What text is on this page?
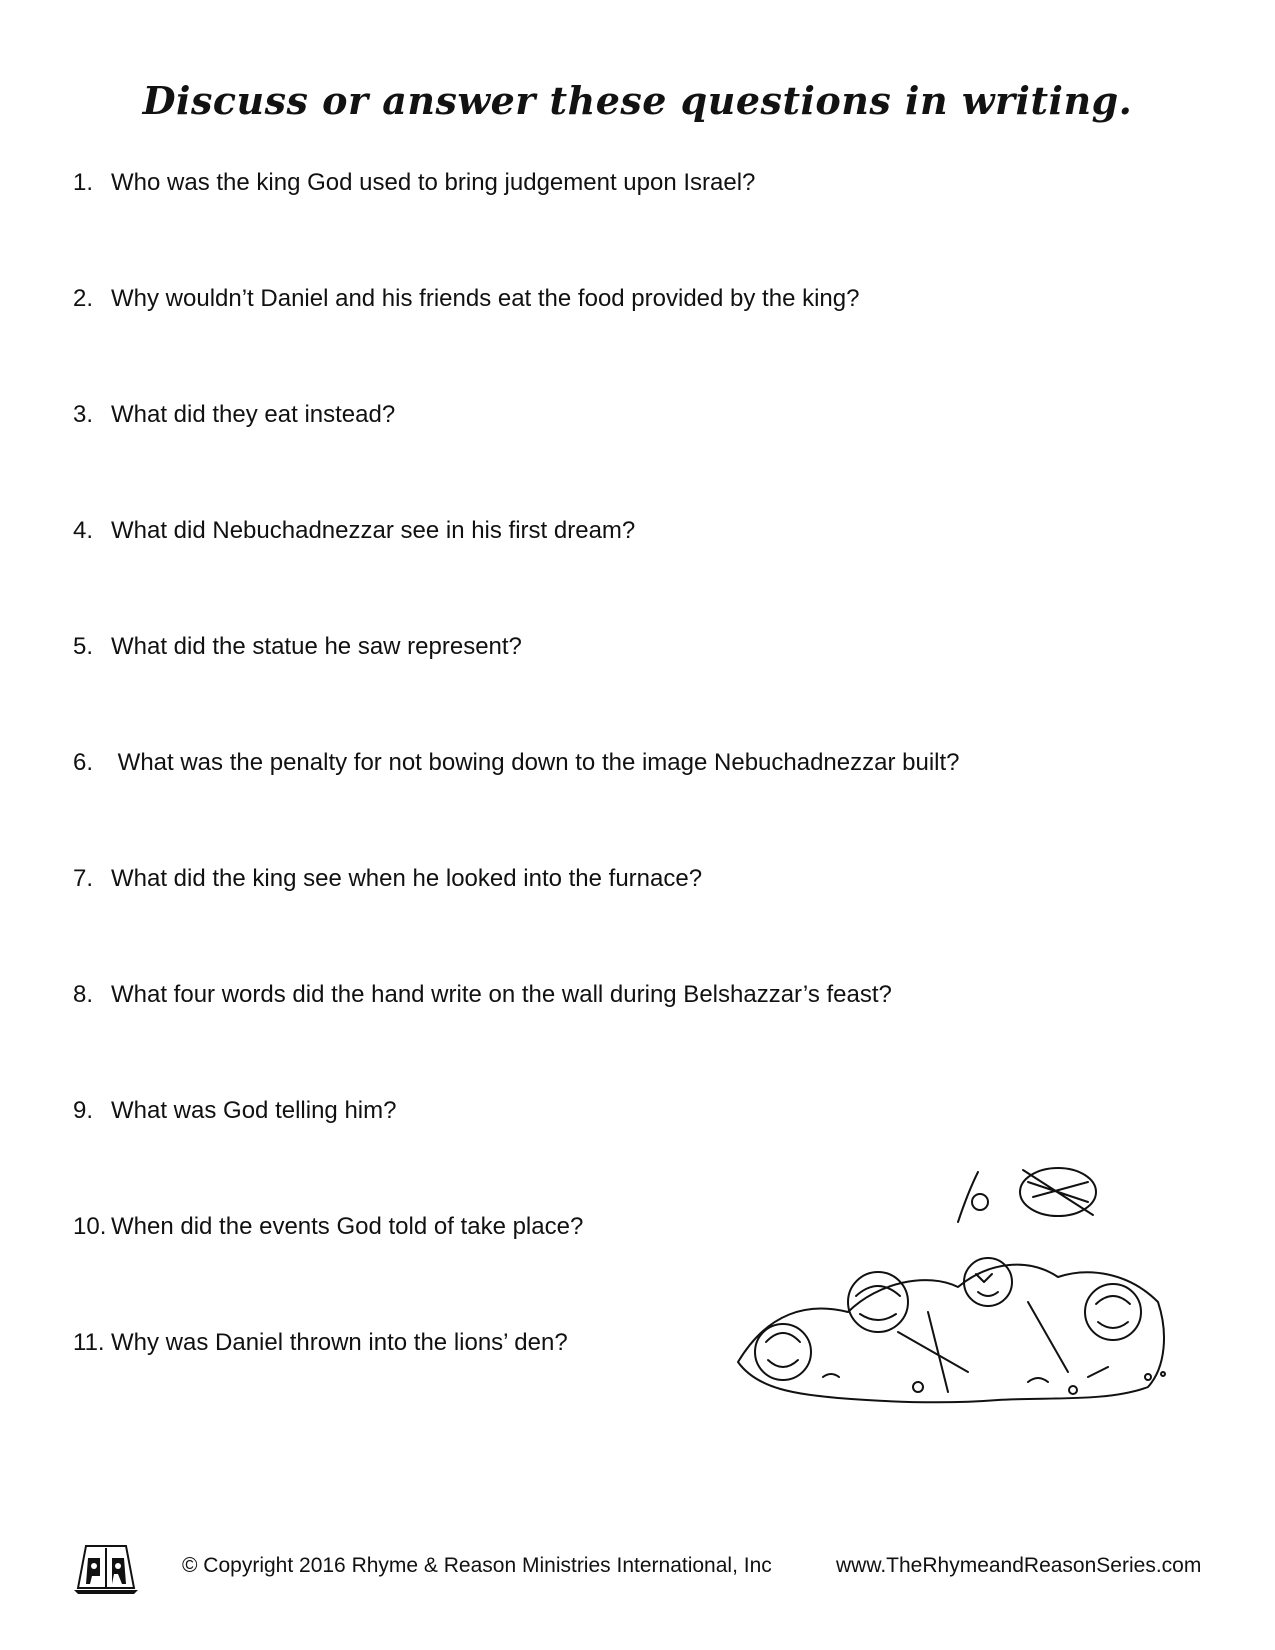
Discuss or answer these questions in writing.
1. Who was the king God used to bring judgement upon Israel?
2. Why wouldn’t Daniel and his friends eat the food provided by the king?
3. What did they eat instead?
4. What did Nebuchadnezzar see in his first dream?
5. What did the statue he saw represent?
6. What was the penalty for not bowing down to the image Nebuchadnezzar built?
7. What did the king see when he looked into the furnace?
8. What four words did the hand write on the wall during Belshazzar’s feast?
9. What was God telling him?
10. When did the events God told of take place?
11. Why was Daniel thrown into the lions’ den?
© Copyright 2016 Rhyme & Reason Ministries International, Inc	www.TheRhymeandReasonSeries.com
